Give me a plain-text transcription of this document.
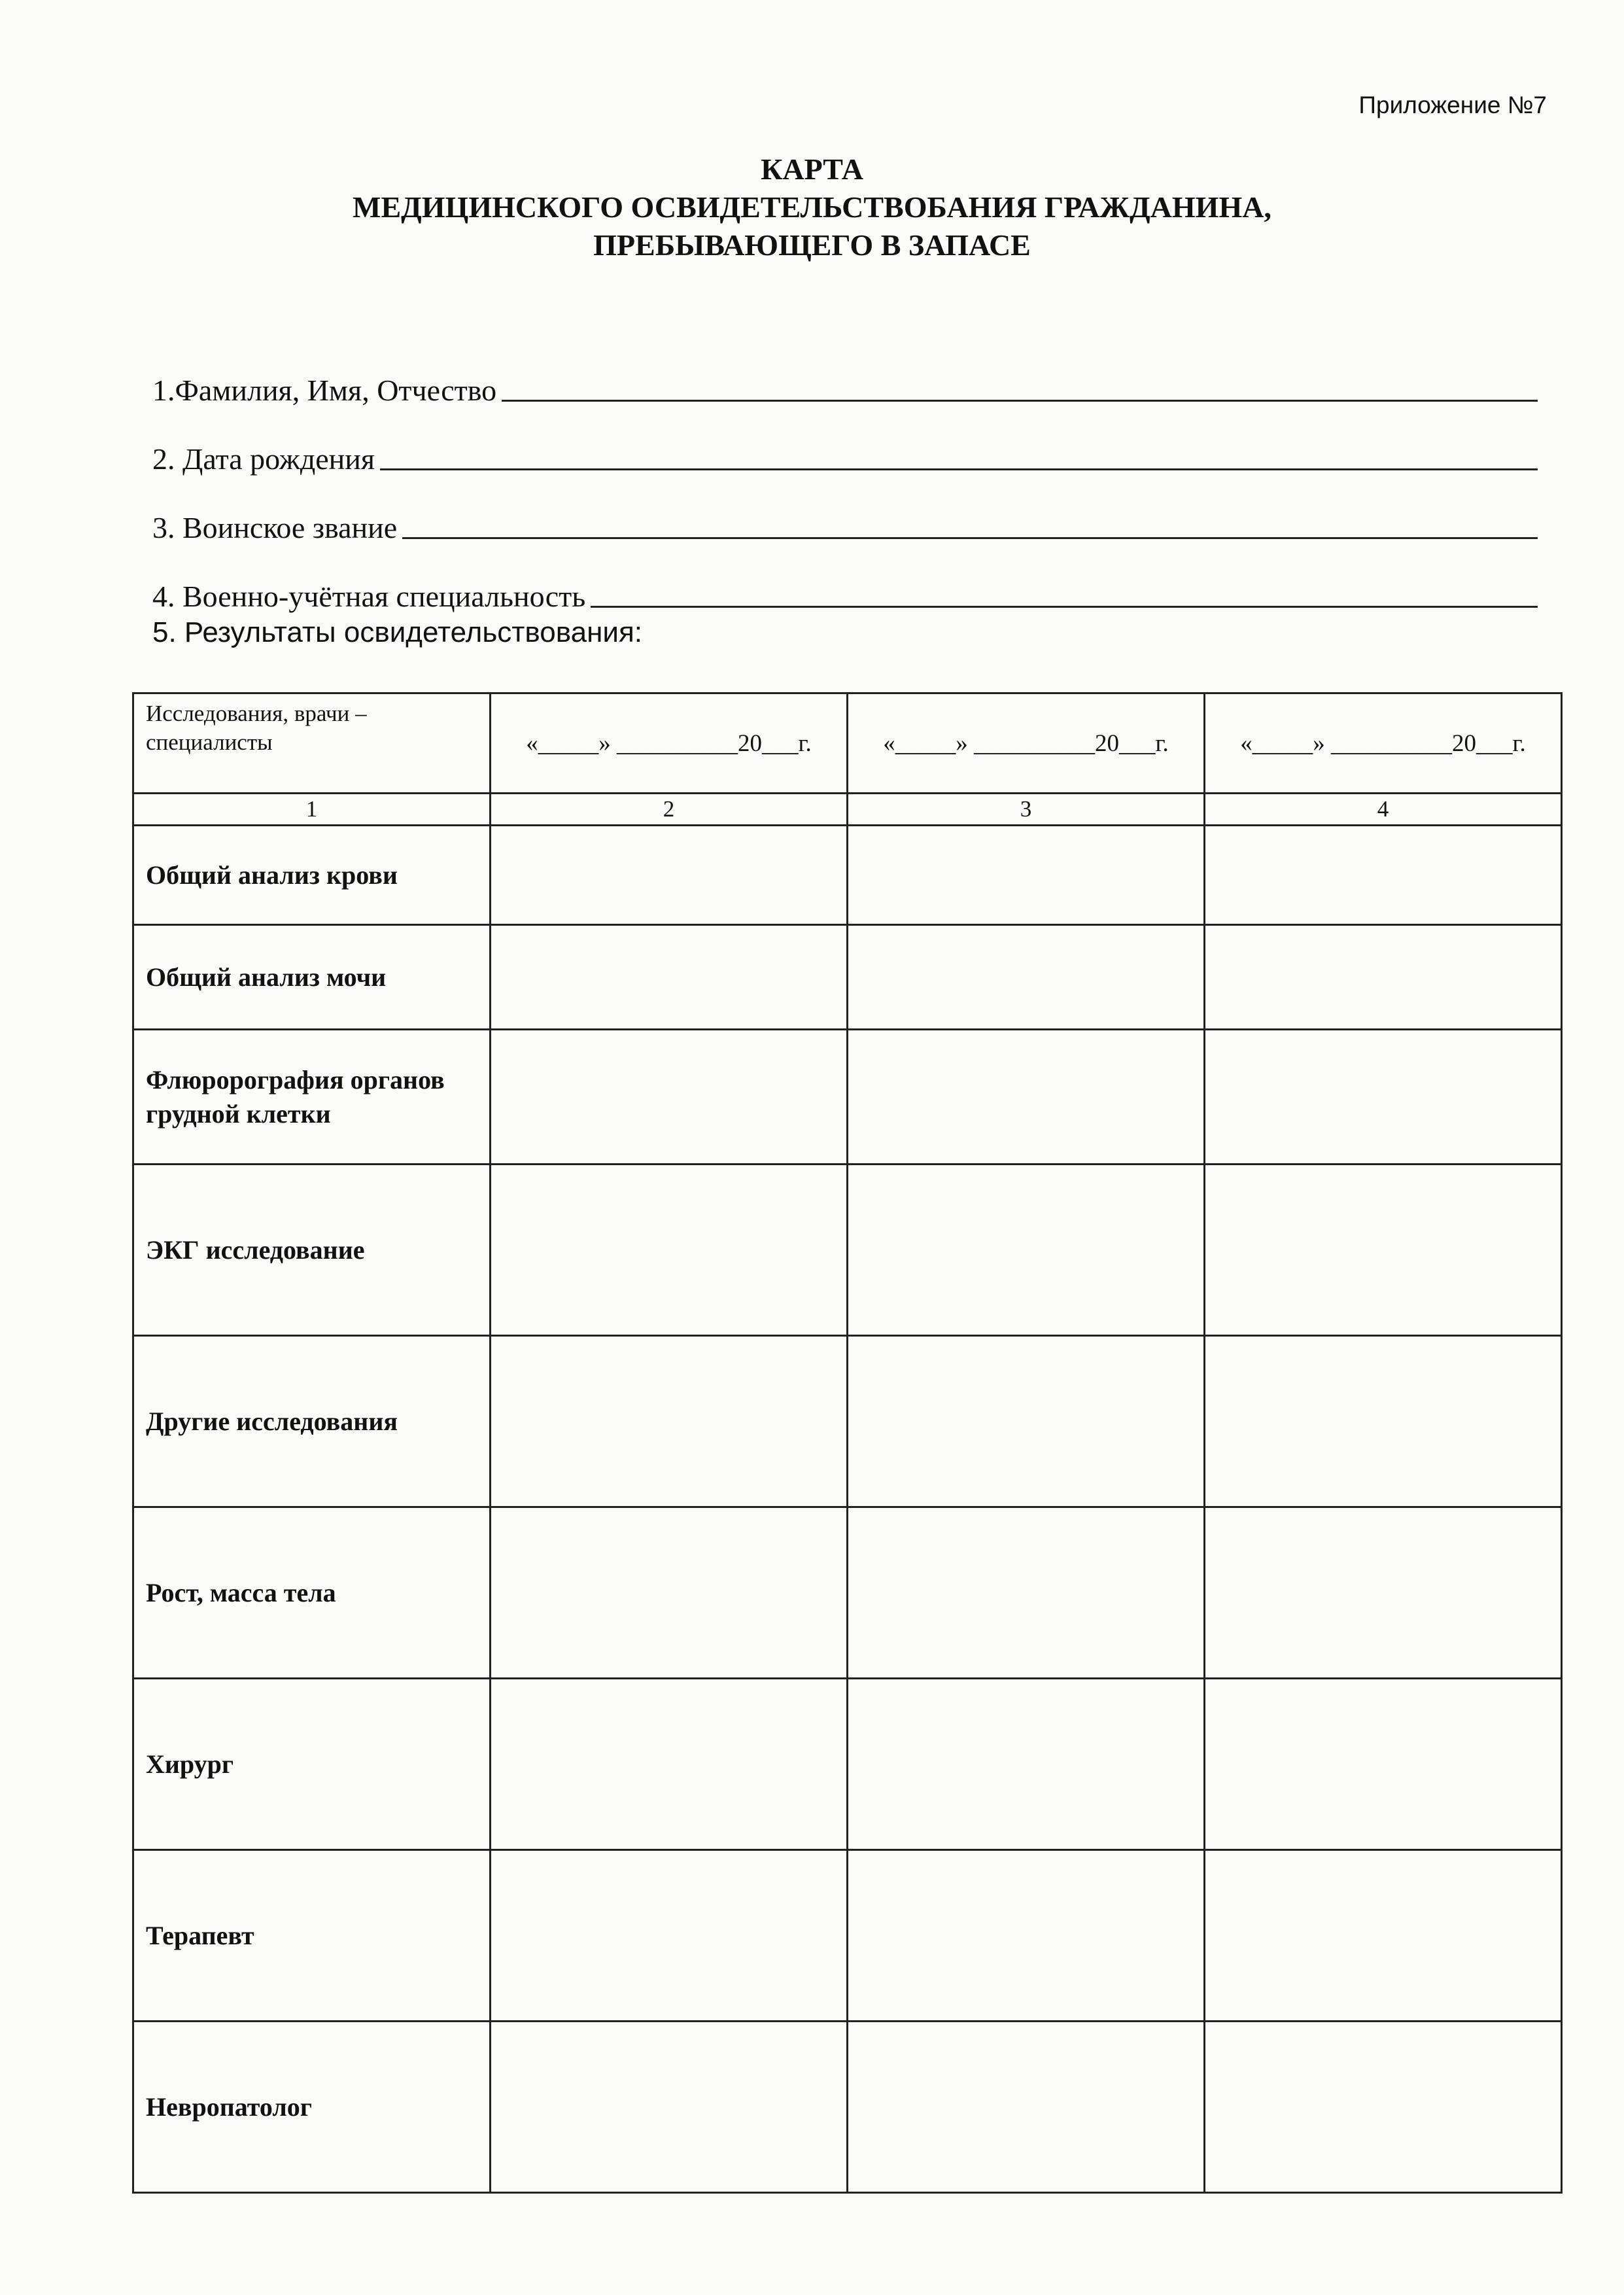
Приложение №7
КАРТА
МЕДИЦИНСКОГО ОСВИДЕТЕЛЬСТВОБАНИЯ ГРАЖДАНИНА,
ПРЕБЫВАЮЩЕГО В ЗАПАСЕ
1.Фамилия, Имя, Отчество
2. Дата рождения
3. Воинское звание
4. Военно-учётная специальность
5. Результаты освидетельствования:
Исследования, врачи – специалисты	«_____» __________20___г.	«_____» __________20___г.	«_____» __________20___г.
1	2	3	4
Общий анализ крови			
Общий анализ мочи			
Флюрорография органов грудной клетки			
ЭКГ исследование			
Другие исследования			
Рост, масса тела			
Хирург			
Терапевт			
Невропатолог			
